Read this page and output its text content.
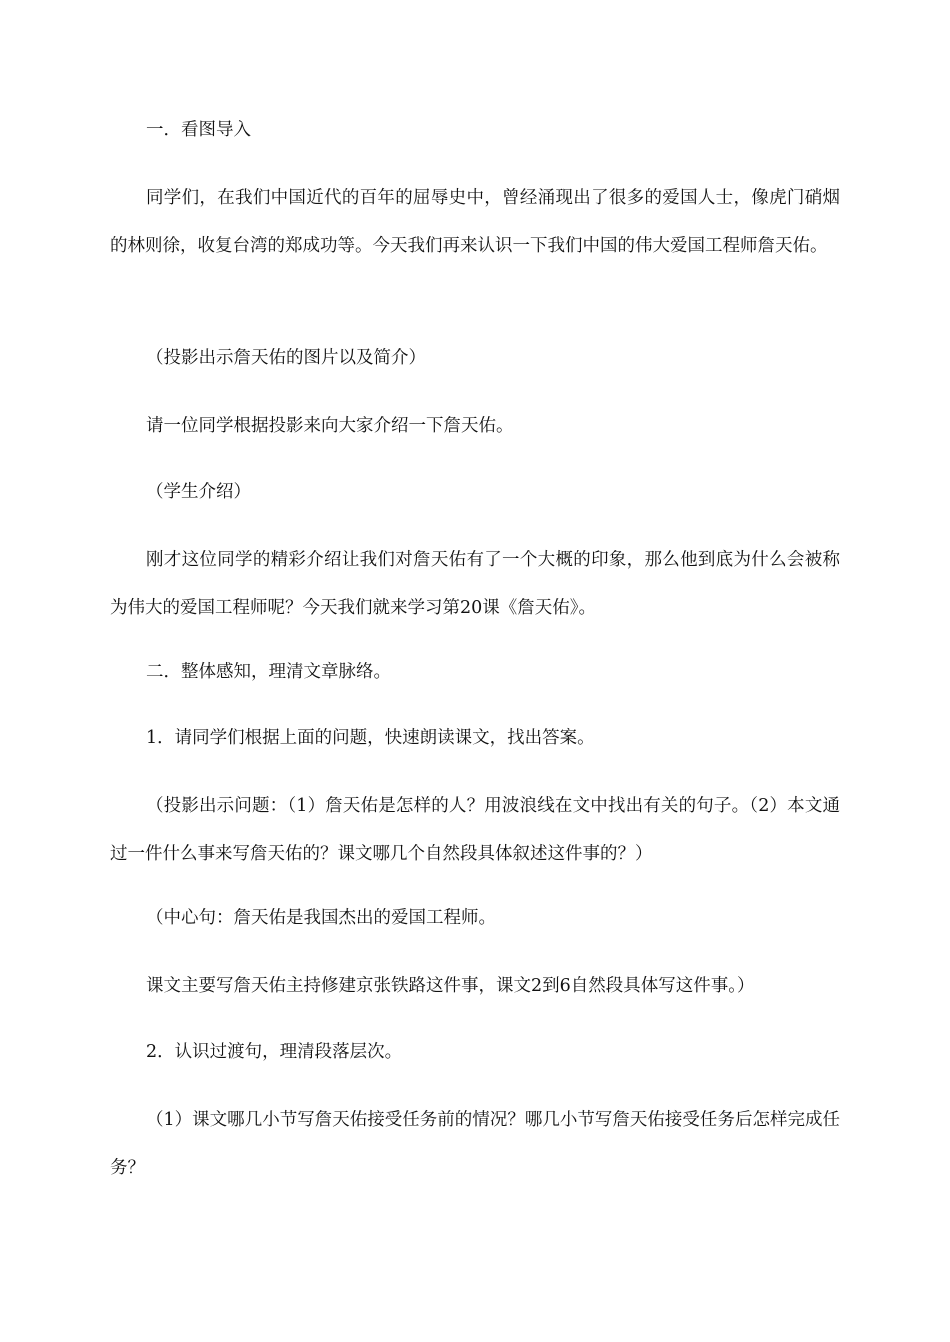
一．看图导入

同学们，在我们中国近代的百年的屈辱史中，曾经涌现出了很多的爱国人士，像虎门硝烟的林则徐，收复台湾的郑成功等。今天我们再来认识一下我们中国的伟大爱国工程师詹天佑。

（投影出示詹天佑的图片以及简介）

请一位同学根据投影来向大家介绍一下詹天佑。

（学生介绍）

刚才这位同学的精彩介绍让我们对詹天佑有了一个大概的印象，那么他到底为什么会被称为伟大的爱国工程师呢？今天我们就来学习第20课《詹天佑》。

二．整体感知，理清文章脉络。

1．请同学们根据上面的问题，快速朗读课文，找出答案。

（投影出示问题：（1）詹天佑是怎样的人？用波浪线在文中找出有关的句子。（2）本文通过一件什么事来写詹天佑的？课文哪几个自然段具体叙述这件事的？）

（中心句：詹天佑是我国杰出的爱国工程师。

课文主要写詹天佑主持修建京张铁路这件事，课文2到6自然段具体写这件事。）

2．认识过渡句，理清段落层次。

（1）课文哪几小节写詹天佑接受任务前的情况？哪几小节写詹天佑接受任务后怎样完成任务？
